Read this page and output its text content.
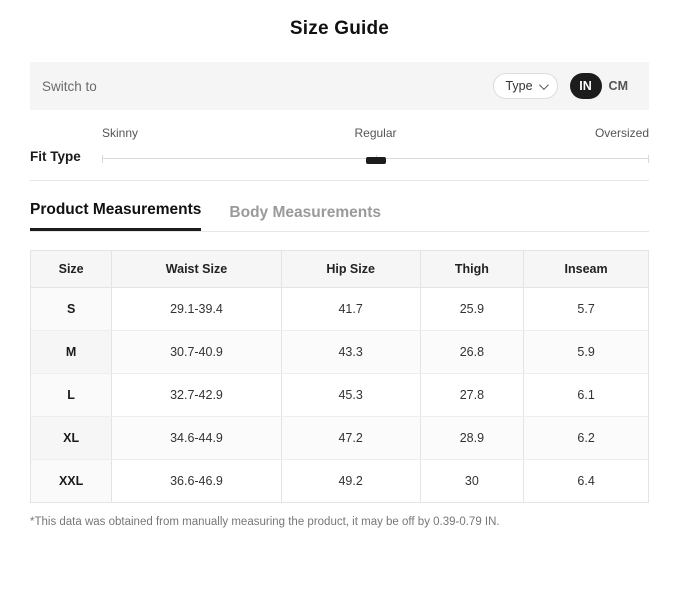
Size Guide
Switch to	Type	IN	CM
Fit Type
Skinny	Regular	Oversized
Product Measurements Body Measurements
Size	Waist Size	Hip Size	Thigh	Inseam
S	29.1-39.4	41.7	25.9	5.7
M	30.7-40.9	43.3	26.8	5.9
L	32.7-42.9	45.3	27.8	6.1
XL	34.6-44.9	47.2	28.9	6.2
XXL	36.6-46.9	49.2	30	6.4
*This data was obtained from manually measuring the product, it may be off by 0.39-0.79 IN.
